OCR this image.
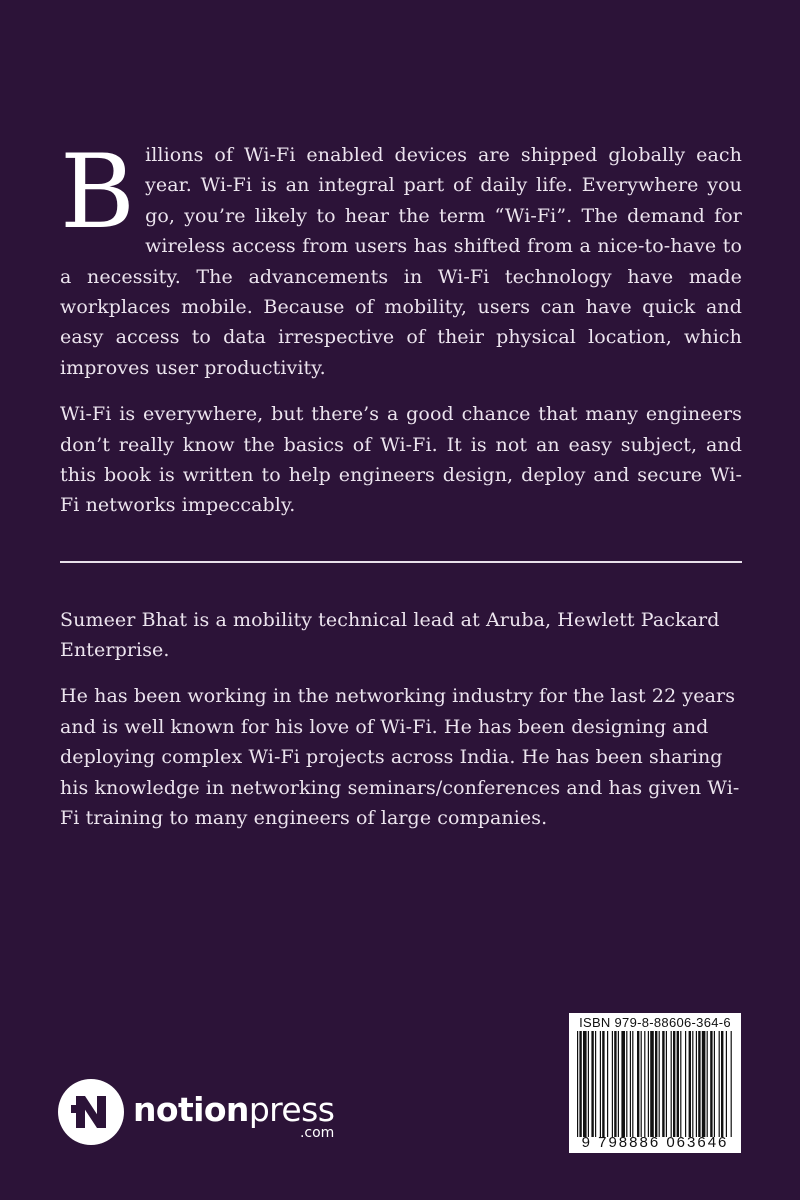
Billions of Wi-Fi enabled devices are shipped globally each year. Wi-Fi is an integral part of daily life. Everywhere you go, you’re likely to hear the term “Wi-Fi”. The demand for wireless access from users has shifted from a nice-to-have to a necessity. The advancements in Wi-Fi technology have made workplaces mobile. Because of mobility, users can have quick and easy access to data irrespective of their physical location, which improves user productivity.

Wi-Fi is everywhere, but there’s a good chance that many engineers don’t really know the basics of Wi-Fi. It is not an easy subject, and this book is written to help engineers design, deploy and secure Wi-Fi networks impeccably.

Sumeer Bhat is a mobility technical lead at Aruba, Hewlett Packard Enterprise.

He has been working in the networking industry for the last 22 years and is well known for his love of Wi-Fi. He has been designing and deploying complex Wi-Fi projects across India. He has been sharing his knowledge in networking seminars/conferences and has given Wi-Fi training to many engineers of large companies.

ISBN 979-8-88606-364-6
9 798886 063646
notionpress
.com
